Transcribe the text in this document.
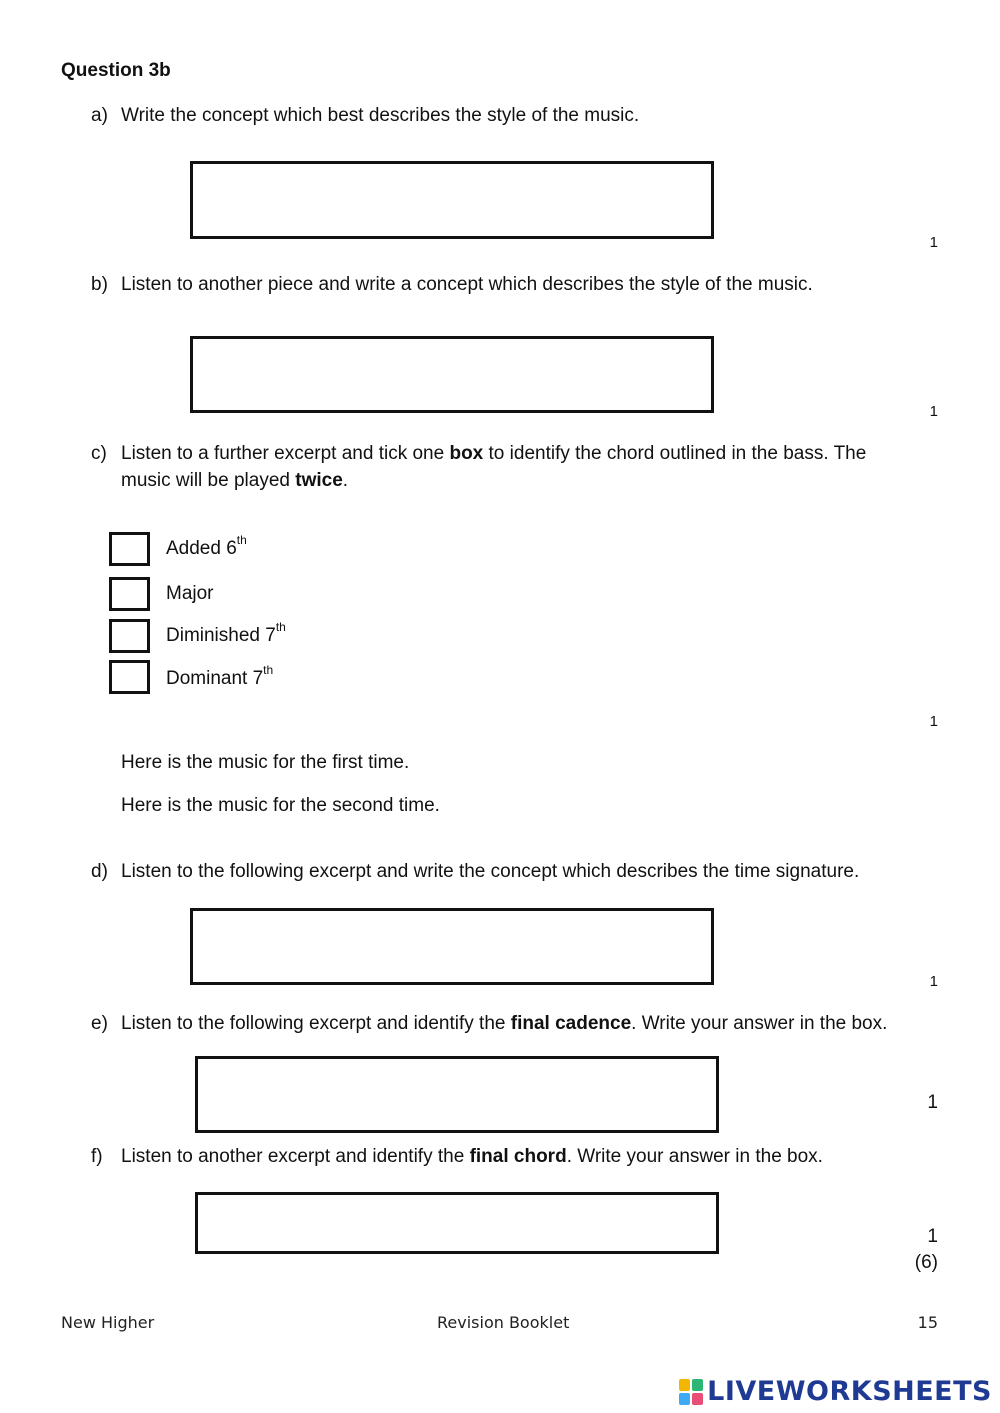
Question 3b
a) Write the concept which best describes the style of the music.
1
b) Listen to another piece and write a concept which describes the style of the music.
1
c) Listen to a further excerpt and tick one box to identify the chord outlined in the bass. The
music will be played twice.
Added 6th
Major
Diminished 7th
Dominant 7th
1
Here is the music for the first time.
Here is the music for the second time.
d) Listen to the following excerpt and write the concept which describes the time signature.
1
e) Listen to the following excerpt and identify the final cadence. Write your answer in the box.
1
f) Listen to another excerpt and identify the final chord. Write your answer in the box.
1
(6)
New Higher	Revision Booklet	15
LIVEWORKSHEETS
